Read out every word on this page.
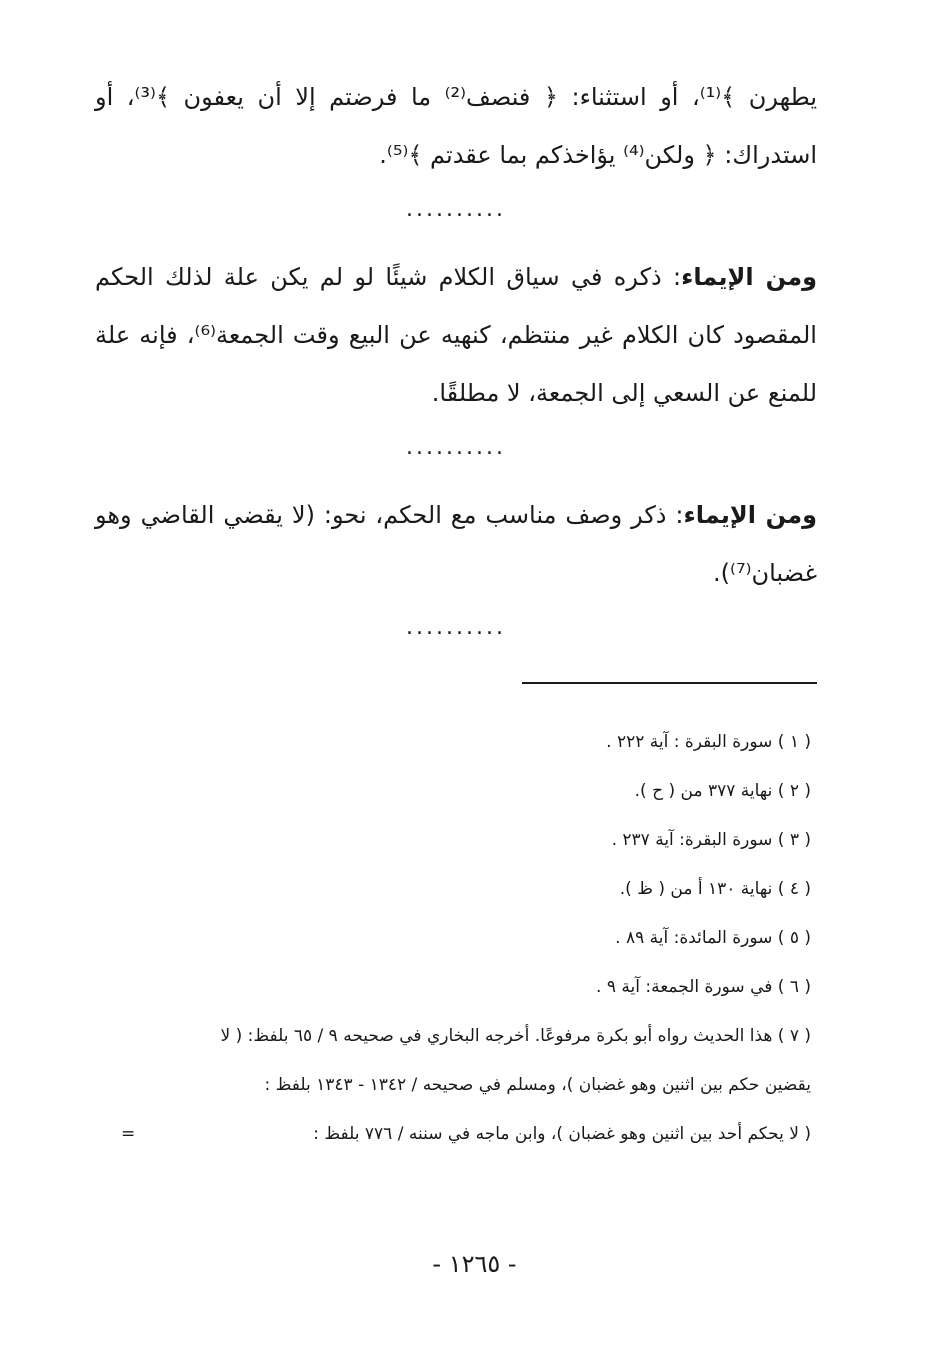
يطهرن ﴾⁽¹⁾، أو استثناء: ﴿ فنصف⁽²⁾ ما فرضتم إلا أن يعفون ﴾⁽³⁾، أو استدراك: ﴿ ولكن⁽⁴⁾ يؤاخذكم بما عقدتم ﴾⁽⁵⁾.

..........

ومن الإيماء: ذكره في سياق الكلام شيئًا لو لم يكن علة لذلك الحكم المقصود كان الكلام غير منتظم، كنهيه عن البيع وقت الجمعة⁽⁶⁾، فإنه علة للمنع عن السعي إلى الجمعة، لا مطلقًا.

..........

ومن الإيماء: ذكر وصف مناسب مع الحكم، نحو: (لا يقضي القاضي وهو غضبان⁽⁷⁾).

..........

( ١ ) سورة البقرة : آية ٢٢٢ .

( ٢ ) نهاية ٣٧٧ من ( ح ).

( ٣ ) سورة البقرة: آية ٢٣٧ .

( ٤ ) نهاية ١٣٠ أ من ( ظ ).

( ٥ ) سورة المائدة: آية ٨٩ .

( ٦ ) في سورة الجمعة: آية ٩ .

( ٧ ) هذا الحديث رواه أبو بكرة مرفوعًا. أخرجه البخاري في صحيحه ٩ / ٦٥ بلفظ: ( لا

يقضين حكم بين اثنين وهو غضبان )، ومسلم في صحيحه / ١٣٤٢ - ١٣٤٣ بلفظ :

( لا يحكم أحد بين اثنين وهو غضبان )، وابن ماجه في سننه / ٧٧٦ بلفظ :
=

- ١٢٦٥ -
